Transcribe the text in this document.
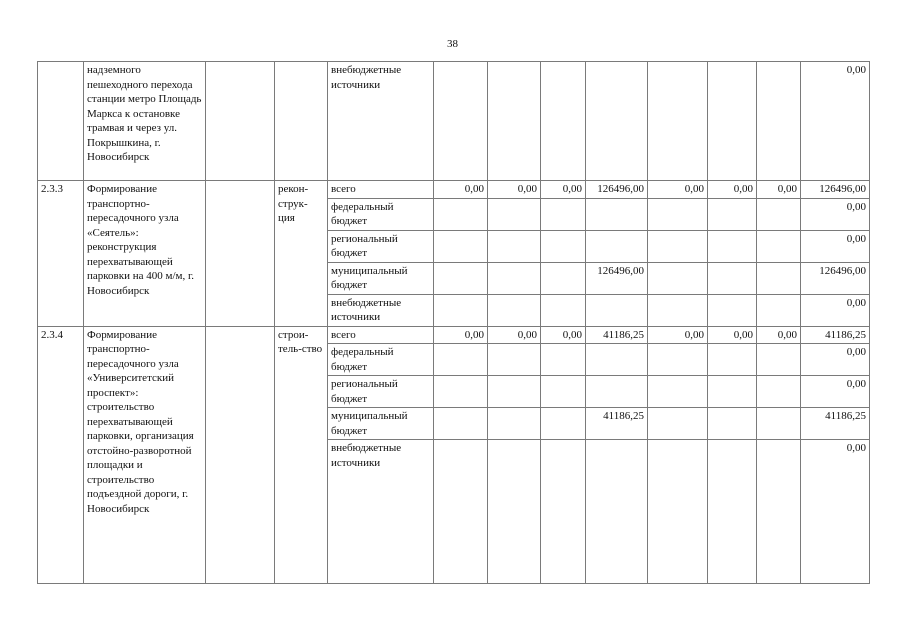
38
	надземного пешеходного перехода станции метро Площадь Маркса к остановке трамвая и через ул. Покрышкина, г. Новосибирск			внебюджетные источники								0,00
2.3.3	Формирование транспортно-пересадочного узла «Сеятель»: реконструкция перехватывающей парковки на 400 м/м, г. Новосибирск		рекон-струк-ция	всего	0,00	0,00	0,00	126496,00	0,00	0,00	0,00	126496,00
				федеральный бюджет								0,00
				региональный бюджет								0,00
				муниципальный бюджет				126496,00				126496,00
				внебюджетные источники								0,00
2.3.4	Формирование транспортно-пересадочного узла «Университетский проспект»: строительство перехватывающей парковки, организация отстойно-разворотной площадки и строительство подъездной дороги, г. Новосибирск		строи-тель-ство	всего	0,00	0,00	0,00	41186,25	0,00	0,00	0,00	41186,25
				федеральный бюджет								0,00
				региональный бюджет								0,00
				муниципальный бюджет				41186,25				41186,25
				внебюджетные источники								0,00
